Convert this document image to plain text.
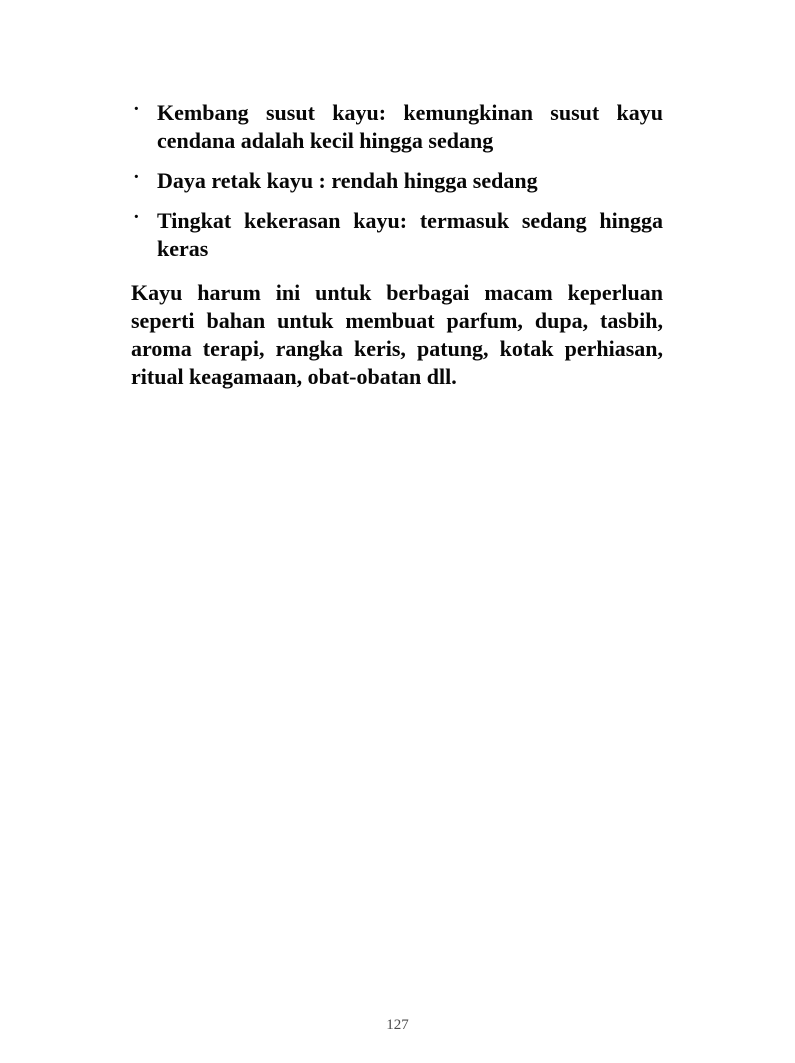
· Kembang susut kayu: kemungkinan susut kayu
cendana adalah kecil hingga sedang
· Daya retak kayu : rendah hingga sedang
· Tingkat kekerasan kayu: termasuk sedang hingga
keras
Kayu harum ini untuk berbagai macam keperluan
seperti bahan untuk membuat parfum, dupa, tasbih,
aroma terapi, rangka keris, patung, kotak perhiasan,
ritual keagamaan, obat-obatan dll.
127
